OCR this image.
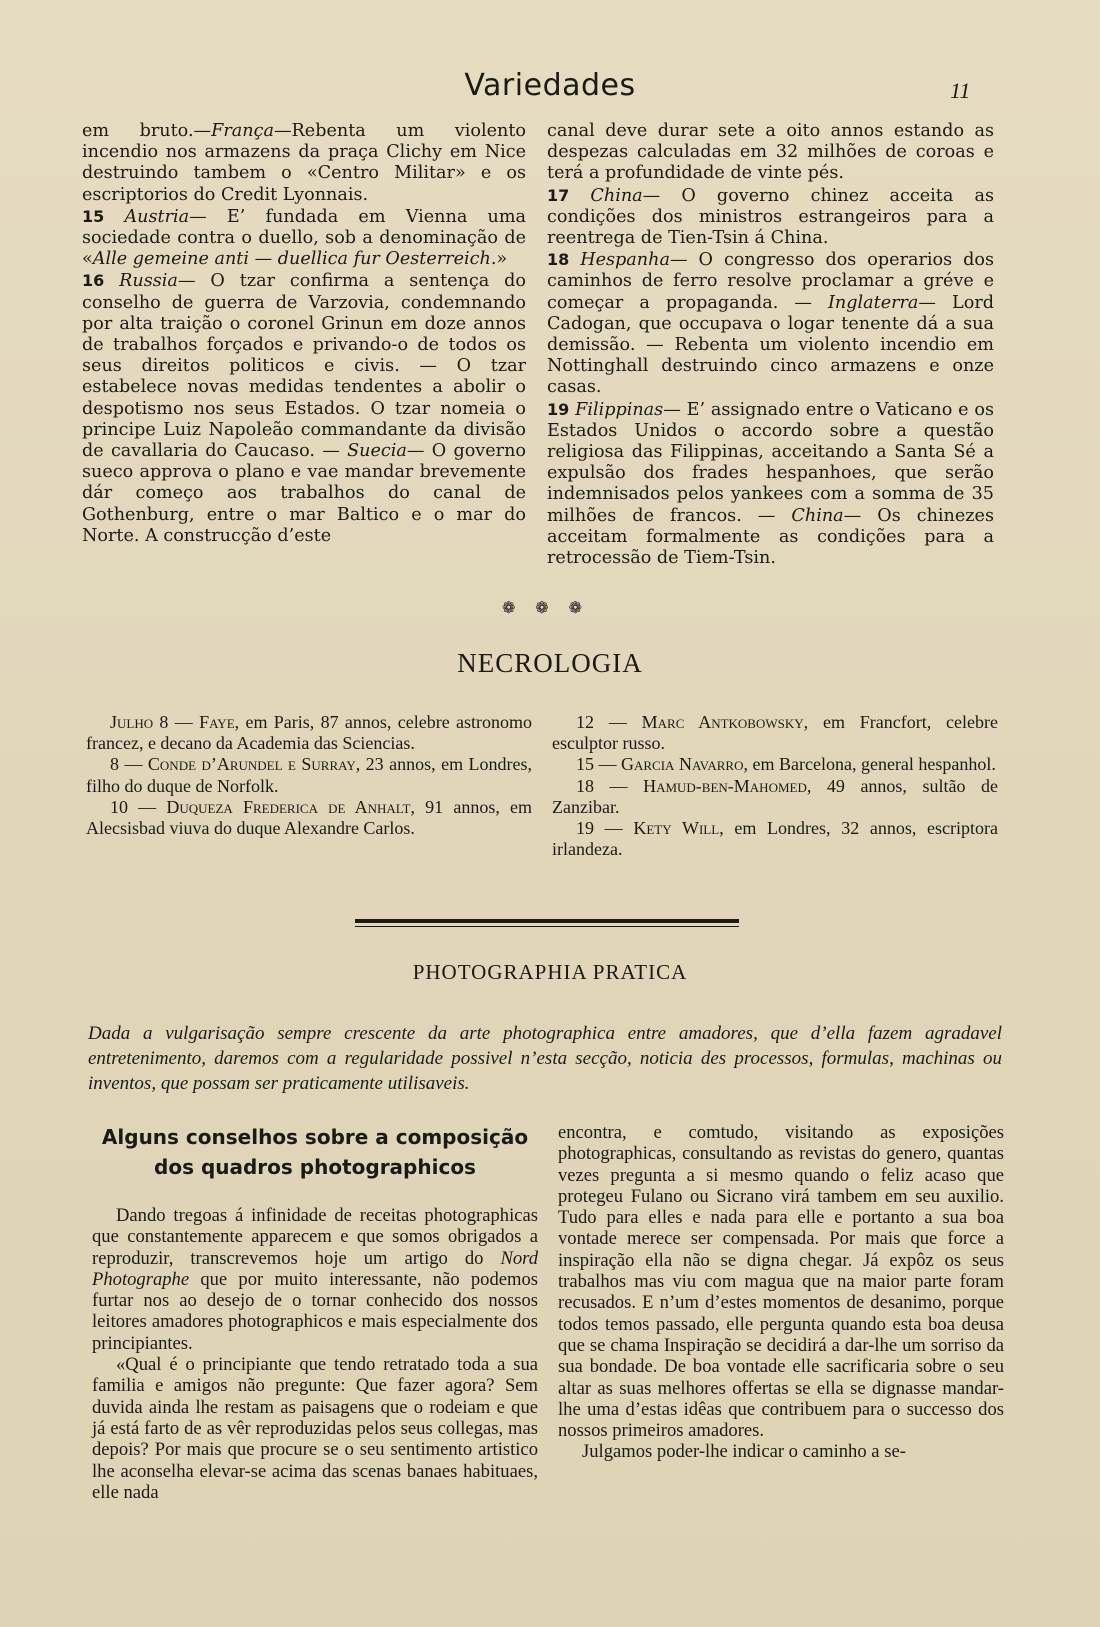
Variedades	11

em bruto.—França—Rebenta um violento incendio nos armazens da praça Clichy em Nice destruindo tambem o «Centro Militar» e os escriptorios do Credit Lyonnais.

15 Austria— E’ fundada em Vienna uma sociedade contra o duello, sob a denominação de «Alle gemeine anti — duellica fur Oesterreich.»

16 Russia— O tzar confirma a sentença do conselho de guerra de Varzovia, condemnando por alta traição o coronel Grinun em doze annos de trabalhos forçados e privando-o de todos os seus direitos politicos e civis. — O tzar estabelece novas medidas tendentes a abolir o despotismo nos seus Estados. O tzar nomeia o principe Luiz Napoleão commandante da divisão de cavallaria do Caucaso. — Suecia— O governo sueco approva o plano e vae mandar brevemente dár começo aos trabalhos do canal de Gothenburg, entre o mar Baltico e o mar do Norte. A construcção d’este

canal deve durar sete a oito annos estando as despezas calculadas em 32 milhões de coroas e terá a profundidade de vinte pés.

17 China— O governo chinez acceita as condições dos ministros estrangeiros para a reentrega de Tien-Tsin á China.

18 Hespanha— O congresso dos operarios dos caminhos de ferro resolve proclamar a gréve e começar a propaganda. — Inglaterra— Lord Cadogan, que occupava o logar tenente dá a sua demissão. — Rebenta um violento incendio em Nottinghall destruindo cinco armazens e onze casas.

19 Filippinas— E’ assignado entre o Vaticano e os Estados Unidos o accordo sobre a questão religiosa das Filippinas, acceitando a Santa Sé a expulsão dos frades hespanhoes, que serão indemnisados pelos yankees com a somma de 35 milhões de francos. — China— Os chinezes acceitam formalmente as condições para a retrocessão de Tiem-Tsin.

❁ ❁ ❁
NECROLOGIA

Julho 8 — Faye, em Paris, 87 annos, celebre astronomo francez, e decano da Academia das Sciencias.

8 — Conde d’Arundel e Surray, 23 annos, em Londres, filho do duque de Norfolk.

10 — Duqueza Frederica de Anhalt, 91 annos, em Alecsisbad viuva do duque Alexandre Carlos.

12 — Marc Antkobowsky, em Francfort, celebre esculptor russo.

15 — Garcia Navarro, em Barcelona, general hespanhol.

18 — Hamud-ben-Mahomed, 49 annos, sultão de Zanzibar.

19 — Kety Will, em Londres, 32 annos, escriptora irlandeza.

PHOTOGRAPHIA PRATICA
Dada a vulgarisação sempre crescente da arte photographica entre amadores, que d’ella fazem agradavel entretenimento, daremos com a regularidade possivel n’esta secção, noticia des processos, formulas, machinas ou inventos, que possam ser praticamente utilisaveis.
Alguns conselhos sobre a composição dos quadros photographicos

Dando tregoas á infinidade de receitas photographicas que constantemente apparecem e que somos obrigados a reproduzir, transcrevemos hoje um artigo do Nord Photographe que por muito interessante, não podemos furtar nos ao desejo de o tornar conhecido dos nossos leitores amadores photographicos e mais especialmente dos principiantes.

«Qual é o principiante que tendo retratado toda a sua familia e amigos não pregunte: Que fazer agora? Sem duvida ainda lhe restam as paisagens que o rodeiam e que já está farto de as vêr reproduzidas pelos seus collegas, mas depois? Por mais que procure se o seu sentimento artistico lhe aconselha elevar-se acima das scenas banaes habituaes, elle nada

encontra, e comtudo, visitando as exposições photographicas, consultando as revistas do genero, quantas vezes pregunta a si mesmo quando o feliz acaso que protegeu Fulano ou Sicrano virá tambem em seu auxilio. Tudo para elles e nada para elle e portanto a sua boa vontade merece ser compensada. Por mais que force a inspiração ella não se digna chegar. Já expôz os seus trabalhos mas viu com magua que na maior parte foram recusados. E n’um d’estes momentos de desanimo, porque todos temos passado, elle pergunta quando esta boa deusa que se chama Inspiração se decidirá a dar-lhe um sorriso da sua bondade. De boa vontade elle sacrificaria sobre o seu altar as suas melhores offertas se ella se dignasse mandar-lhe uma d’estas idêas que contribuem para o successo dos nossos primeiros amadores.

Julgamos poder-lhe indicar o caminho a se-
